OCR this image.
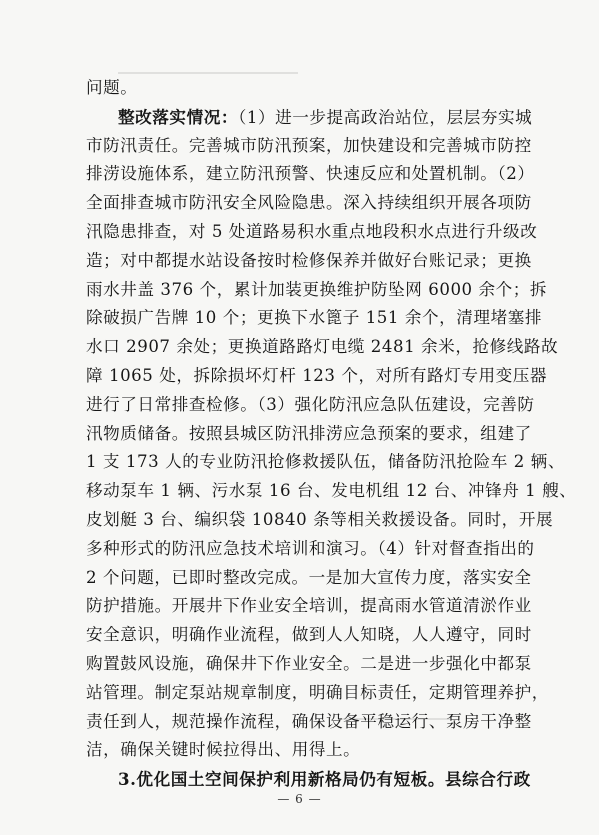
问题。
整改落实情况：（1）进一步提高政治站位，层层夯实城
市防汛责任。完善城市防汛预案，加快建设和完善城市防控
排涝设施体系，建立防汛预警、快速反应和处置机制。（2）
全面排查城市防汛安全风险隐患。深入持续组织开展各项防
汛隐患排查，对 5 处道路易积水重点地段积水点进行升级改
造；对中都提水站设备按时检修保养并做好台账记录；更换
雨水井盖 376 个，累计加装更换维护防坠网 6000 余个；拆
除破损广告牌 10 个；更换下水篦子 151 余个，清理堵塞排
水口 2907 余处；更换道路路灯电缆 2481 余米，抢修线路故
障 1065 处，拆除损坏灯杆 123 个，对所有路灯专用变压器
进行了日常排查检修。（3）强化防汛应急队伍建设，完善防
汛物质储备。按照县城区防汛排涝应急预案的要求，组建了
1 支 173 人的专业防汛抢修救援队伍，储备防汛抢险车 2 辆、
移动泵车 1 辆、污水泵 16 台、发电机组 12 台、冲锋舟 1 艘、
皮划艇 3 台、编织袋 10840 条等相关救援设备。同时，开展
多种形式的防汛应急技术培训和演习。（4）针对督查指出的
2 个问题，已即时整改完成。一是加大宣传力度，落实安全
防护措施。开展井下作业安全培训，提高雨水管道清淤作业
安全意识，明确作业流程，做到人人知晓，人人遵守，同时
购置鼓风设施，确保井下作业安全。二是进一步强化中都泵
站管理。制定泵站规章制度，明确目标责任，定期管理养护，
责任到人，规范操作流程，确保设备平稳运行、泵房干净整
洁，确保关键时候拉得出、用得上。
3.优化国土空间保护利用新格局仍有短板。县综合行政
— 6 —
